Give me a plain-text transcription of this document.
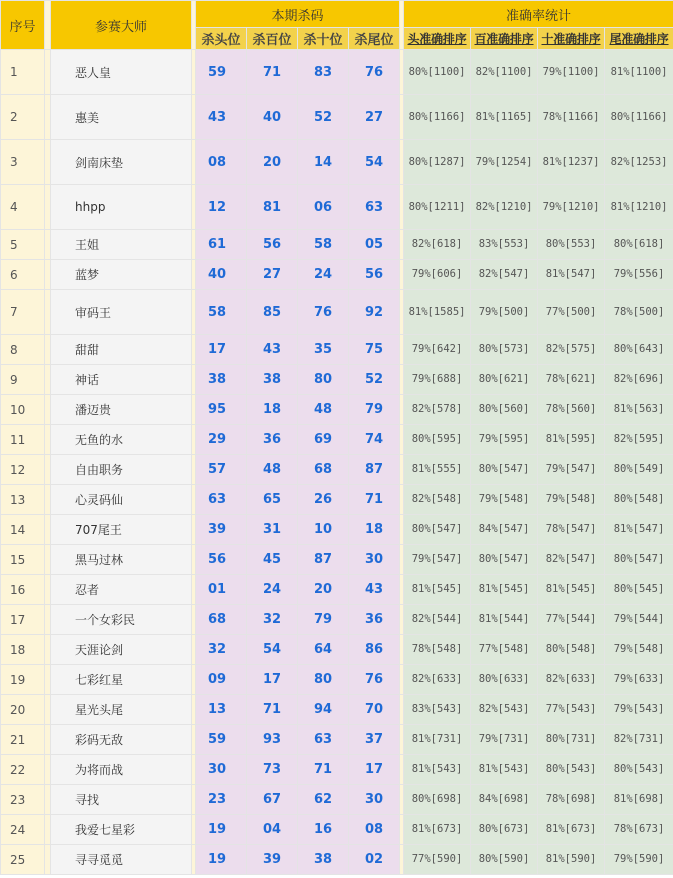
序号		参赛大师		本期杀码					准确率统计			
				杀头位	杀百位	杀十位	杀尾位		头准确排序	百准确排序	十准确排序	尾准确排序
1		恶人皇		59	71	83	76		80%[1100]	82%[1100]	79%[1100]	81%[1100]
2		惠美		43	40	52	27		80%[1166]	81%[1165]	78%[1166]	80%[1166]
3		剑南床垫		08	20	14	54		80%[1287]	79%[1254]	81%[1237]	82%[1253]
4		hhpp		12	81	06	63		80%[1211]	82%[1210]	79%[1210]	81%[1210]
5		王姐		61	56	58	05		82%[618]	83%[553]	80%[553]	80%[618]
6		蓝梦		40	27	24	56		79%[606]	82%[547]	81%[547]	79%[556]
7		审码王		58	85	76	92		81%[1585]	79%[500]	77%[500]	78%[500]
8		甜甜		17	43	35	75		79%[642]	80%[573]	82%[575]	80%[643]
9		神话		38	38	80	52		79%[688]	80%[621]	78%[621]	82%[696]
10		潘迈贵		95	18	48	79		82%[578]	80%[560]	78%[560]	81%[563]
11		无鱼的水		29	36	69	74		80%[595]	79%[595]	81%[595]	82%[595]
12		自由职务		57	48	68	87		81%[555]	80%[547]	79%[547]	80%[549]
13		心灵码仙		63	65	26	71		82%[548]	79%[548]	79%[548]	80%[548]
14		707尾王		39	31	10	18		80%[547]	84%[547]	78%[547]	81%[547]
15		黑马过林		56	45	87	30		79%[547]	80%[547]	82%[547]	80%[547]
16		忍者		01	24	20	43		81%[545]	81%[545]	81%[545]	80%[545]
17		一个女彩民		68	32	79	36		82%[544]	81%[544]	77%[544]	79%[544]
18		天涯论剑		32	54	64	86		78%[548]	77%[548]	80%[548]	79%[548]
19		七彩红星		09	17	80	76		82%[633]	80%[633]	82%[633]	79%[633]
20		星光头尾		13	71	94	70		83%[543]	82%[543]	77%[543]	79%[543]
21		彩码无敌		59	93	63	37		81%[731]	79%[731]	80%[731]	82%[731]
22		为将而战		30	73	71	17		81%[543]	81%[543]	80%[543]	80%[543]
23		寻找		23	67	62	30		80%[698]	84%[698]	78%[698]	81%[698]
24		我爱七星彩		19	04	16	08		81%[673]	80%[673]	81%[673]	78%[673]
25		寻寻觅觅		19	39	38	02		77%[590]	80%[590]	81%[590]	79%[590]
